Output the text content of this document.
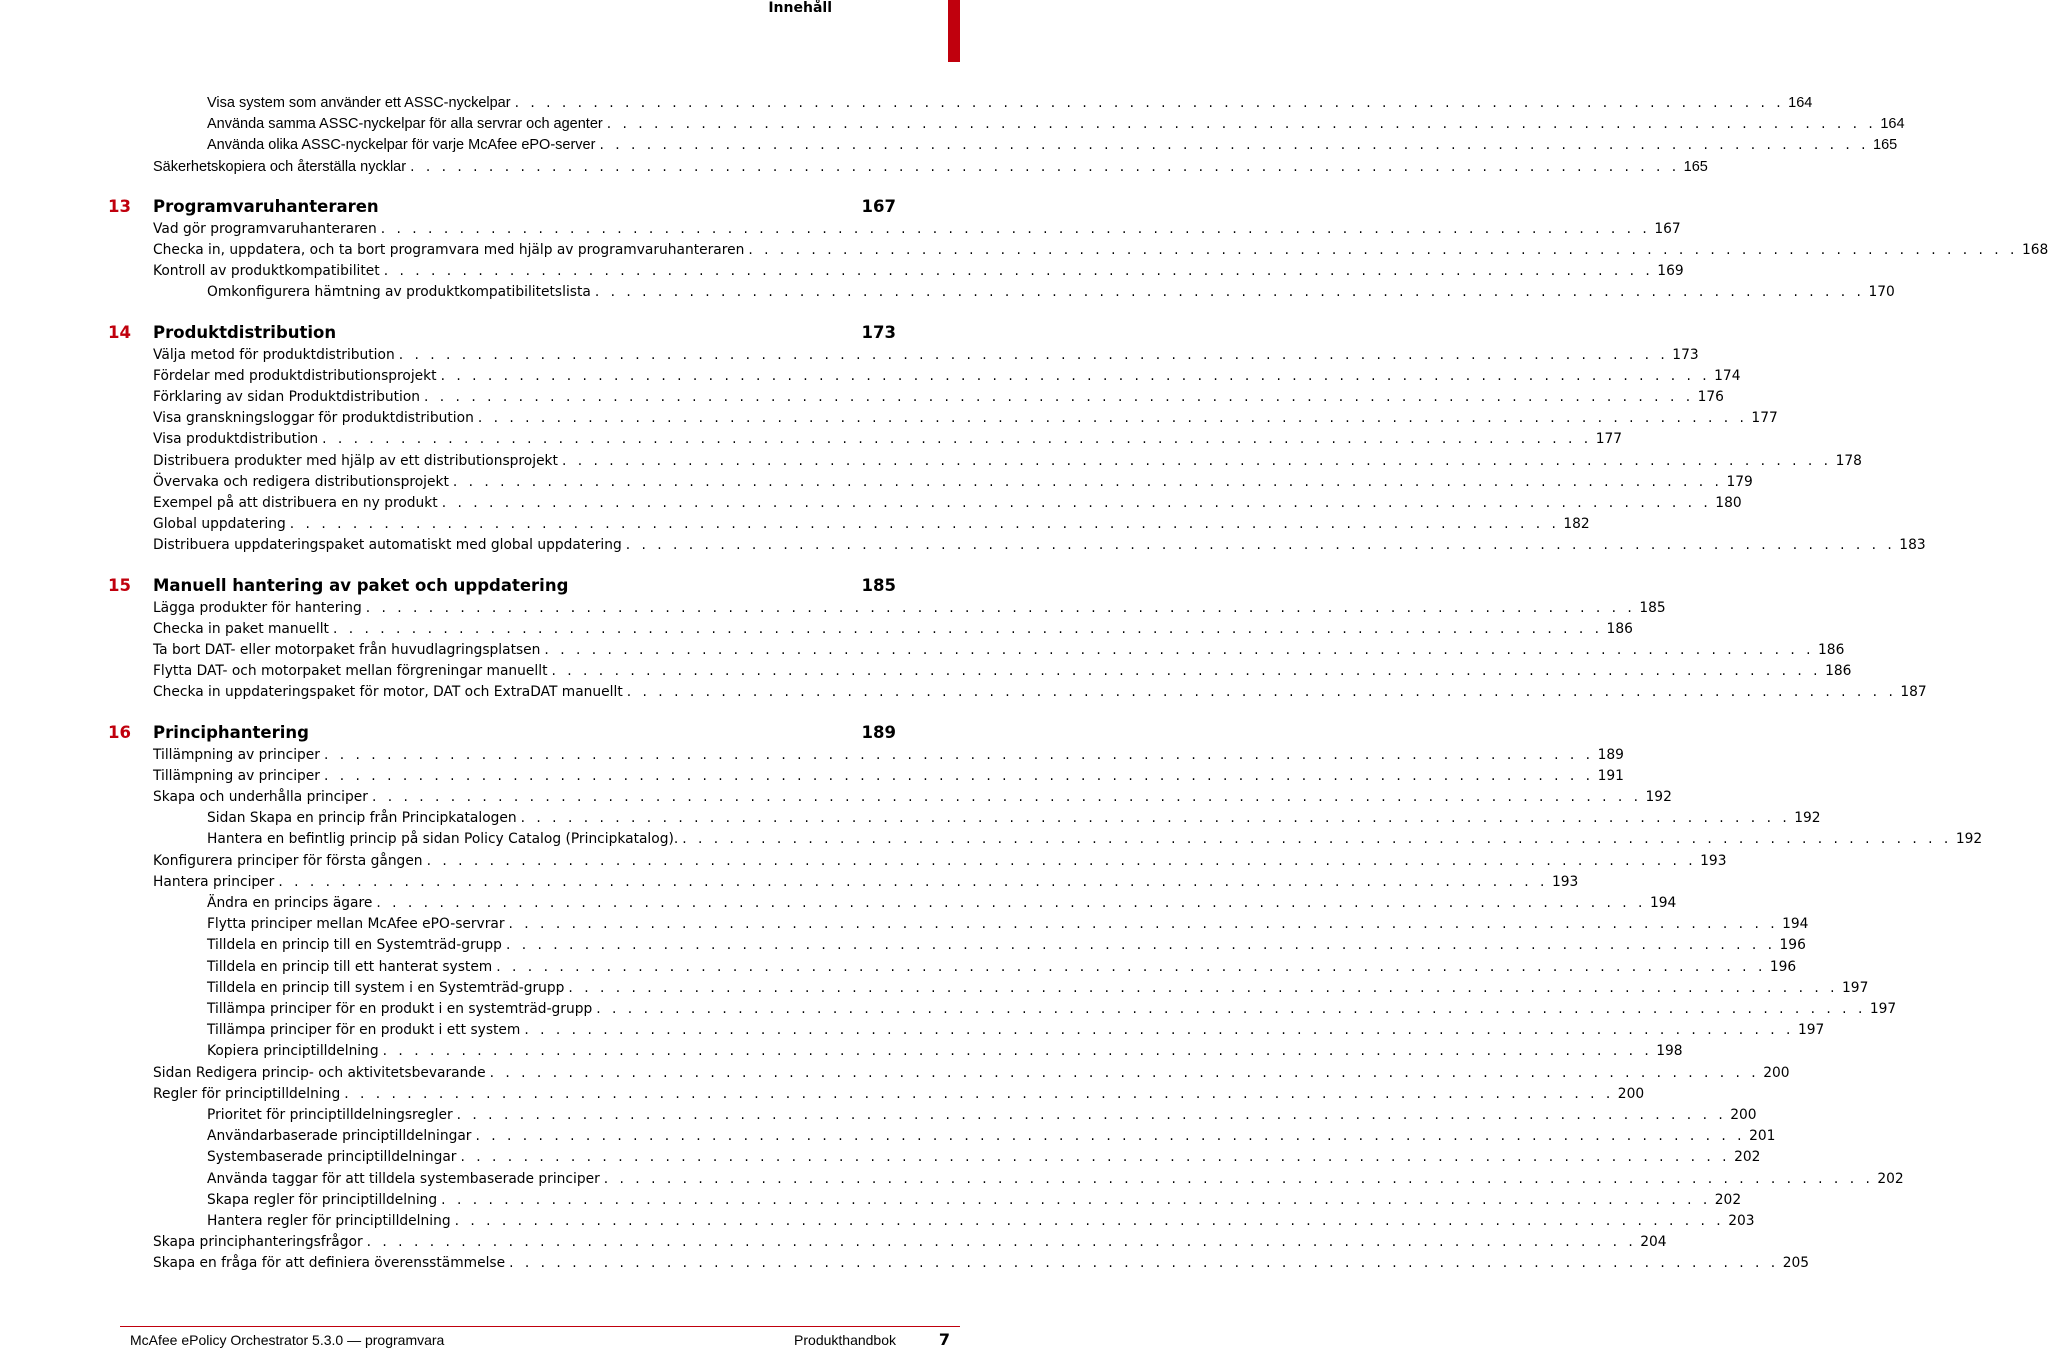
Innehåll
Visa system som använder ett ASSC-nyckelpar . . . . . . . . . . . . . . . . . . . . . . . . . . . . . . . . . . . . . . . . . . . . . . . . . . . . . . . . . . . . . . . . . . . . . . . . . . . . . . . . . 164
Använda samma ASSC-nyckelpar för alla servrar och agenter . . . . . . . . . . . . . . . . . . . . . . . . . . . . . . . . . . . . . . . . . . . . . . . . . . . . . . . . . . . . . . . . . . . . . . . . . . . . . . . . . 164
Använda olika ASSC-nyckelpar för varje McAfee ePO-server . . . . . . . . . . . . . . . . . . . . . . . . . . . . . . . . . . . . . . . . . . . . . . . . . . . . . . . . . . . . . . . . . . . . . . . . . . . . . . . . . 165
Säkerhetskopiera och återställa nycklar . . . . . . . . . . . . . . . . . . . . . . . . . . . . . . . . . . . . . . . . . . . . . . . . . . . . . . . . . . . . . . . . . . . . . . . . . . . . . . . . . 165
13 Programvaruhanteraren	167
Vad gör programvaruhanteraren . . . . . . . . . . . . . . . . . . . . . . . . . . . . . . . . . . . . . . . . . . . . . . . . . . . . . . . . . . . . . . . . . . . . . . . . . . . . . . . . . 167
Checka in, uppdatera, och ta bort programvara med hjälp av programvaruhanteraren . . . . . . . . . . . . . . . . . . . . . . . . . . . . . . . . . . . . . . . . . . . . . . . . . . . . . . . . . . . . . . . . . . . . . . . . . . . . . . . . . 168
Kontroll av produktkompatibilitet . . . . . . . . . . . . . . . . . . . . . . . . . . . . . . . . . . . . . . . . . . . . . . . . . . . . . . . . . . . . . . . . . . . . . . . . . . . . . . . . . 169
Omkonfigurera hämtning av produktkompatibilitetslista . . . . . . . . . . . . . . . . . . . . . . . . . . . . . . . . . . . . . . . . . . . . . . . . . . . . . . . . . . . . . . . . . . . . . . . . . . . . . . . . . 170
14 Produktdistribution	173
Välja metod för produktdistribution . . . . . . . . . . . . . . . . . . . . . . . . . . . . . . . . . . . . . . . . . . . . . . . . . . . . . . . . . . . . . . . . . . . . . . . . . . . . . . . . . 173
Fördelar med produktdistributionsprojekt . . . . . . . . . . . . . . . . . . . . . . . . . . . . . . . . . . . . . . . . . . . . . . . . . . . . . . . . . . . . . . . . . . . . . . . . . . . . . . . . . 174
Förklaring av sidan Produktdistribution . . . . . . . . . . . . . . . . . . . . . . . . . . . . . . . . . . . . . . . . . . . . . . . . . . . . . . . . . . . . . . . . . . . . . . . . . . . . . . . . . 176
Visa granskningsloggar för produktdistribution . . . . . . . . . . . . . . . . . . . . . . . . . . . . . . . . . . . . . . . . . . . . . . . . . . . . . . . . . . . . . . . . . . . . . . . . . . . . . . . . . 177
Visa produktdistribution . . . . . . . . . . . . . . . . . . . . . . . . . . . . . . . . . . . . . . . . . . . . . . . . . . . . . . . . . . . . . . . . . . . . . . . . . . . . . . . . . 177
Distribuera produkter med hjälp av ett distributionsprojekt . . . . . . . . . . . . . . . . . . . . . . . . . . . . . . . . . . . . . . . . . . . . . . . . . . . . . . . . . . . . . . . . . . . . . . . . . . . . . . . . . 178
Övervaka och redigera distributionsprojekt . . . . . . . . . . . . . . . . . . . . . . . . . . . . . . . . . . . . . . . . . . . . . . . . . . . . . . . . . . . . . . . . . . . . . . . . . . . . . . . . . 179
Exempel på att distribuera en ny produkt . . . . . . . . . . . . . . . . . . . . . . . . . . . . . . . . . . . . . . . . . . . . . . . . . . . . . . . . . . . . . . . . . . . . . . . . . . . . . . . . . 180
Global uppdatering . . . . . . . . . . . . . . . . . . . . . . . . . . . . . . . . . . . . . . . . . . . . . . . . . . . . . . . . . . . . . . . . . . . . . . . . . . . . . . . . . 182
Distribuera uppdateringspaket automatiskt med global uppdatering . . . . . . . . . . . . . . . . . . . . . . . . . . . . . . . . . . . . . . . . . . . . . . . . . . . . . . . . . . . . . . . . . . . . . . . . . . . . . . . . . 183
15 Manuell hantering av paket och uppdatering	185
Lägga produkter för hantering . . . . . . . . . . . . . . . . . . . . . . . . . . . . . . . . . . . . . . . . . . . . . . . . . . . . . . . . . . . . . . . . . . . . . . . . . . . . . . . . . 185
Checka in paket manuellt . . . . . . . . . . . . . . . . . . . . . . . . . . . . . . . . . . . . . . . . . . . . . . . . . . . . . . . . . . . . . . . . . . . . . . . . . . . . . . . . . 186
Ta bort DAT- eller motorpaket från huvudlagringsplatsen . . . . . . . . . . . . . . . . . . . . . . . . . . . . . . . . . . . . . . . . . . . . . . . . . . . . . . . . . . . . . . . . . . . . . . . . . . . . . . . . . 186
Flytta DAT- och motorpaket mellan förgreningar manuellt . . . . . . . . . . . . . . . . . . . . . . . . . . . . . . . . . . . . . . . . . . . . . . . . . . . . . . . . . . . . . . . . . . . . . . . . . . . . . . . . . 186
Checka in uppdateringspaket för motor, DAT och ExtraDAT manuellt . . . . . . . . . . . . . . . . . . . . . . . . . . . . . . . . . . . . . . . . . . . . . . . . . . . . . . . . . . . . . . . . . . . . . . . . . . . . . . . . . 187
16 Principhantering	189
Tillämpning av principer . . . . . . . . . . . . . . . . . . . . . . . . . . . . . . . . . . . . . . . . . . . . . . . . . . . . . . . . . . . . . . . . . . . . . . . . . . . . . . . . . 189
Tillämpning av principer . . . . . . . . . . . . . . . . . . . . . . . . . . . . . . . . . . . . . . . . . . . . . . . . . . . . . . . . . . . . . . . . . . . . . . . . . . . . . . . . . 191
Skapa och underhålla principer . . . . . . . . . . . . . . . . . . . . . . . . . . . . . . . . . . . . . . . . . . . . . . . . . . . . . . . . . . . . . . . . . . . . . . . . . . . . . . . . . 192
Sidan Skapa en princip från Principkatalogen . . . . . . . . . . . . . . . . . . . . . . . . . . . . . . . . . . . . . . . . . . . . . . . . . . . . . . . . . . . . . . . . . . . . . . . . . . . . . . . . . 192
Hantera en befintlig princip på sidan Policy Catalog (Principkatalog). . . . . . . . . . . . . . . . . . . . . . . . . . . . . . . . . . . . . . . . . . . . . . . . . . . . . . . . . . . . . . . . . . . . . . . . . . . . . . . . . . 192
Konfigurera principer för första gången . . . . . . . . . . . . . . . . . . . . . . . . . . . . . . . . . . . . . . . . . . . . . . . . . . . . . . . . . . . . . . . . . . . . . . . . . . . . . . . . . 193
Hantera principer . . . . . . . . . . . . . . . . . . . . . . . . . . . . . . . . . . . . . . . . . . . . . . . . . . . . . . . . . . . . . . . . . . . . . . . . . . . . . . . . . 193
Ändra en princips ägare . . . . . . . . . . . . . . . . . . . . . . . . . . . . . . . . . . . . . . . . . . . . . . . . . . . . . . . . . . . . . . . . . . . . . . . . . . . . . . . . . 194
Flytta principer mellan McAfee ePO-servrar . . . . . . . . . . . . . . . . . . . . . . . . . . . . . . . . . . . . . . . . . . . . . . . . . . . . . . . . . . . . . . . . . . . . . . . . . . . . . . . . . 194
Tilldela en princip till en Systemträd-grupp . . . . . . . . . . . . . . . . . . . . . . . . . . . . . . . . . . . . . . . . . . . . . . . . . . . . . . . . . . . . . . . . . . . . . . . . . . . . . . . . . 196
Tilldela en princip till ett hanterat system . . . . . . . . . . . . . . . . . . . . . . . . . . . . . . . . . . . . . . . . . . . . . . . . . . . . . . . . . . . . . . . . . . . . . . . . . . . . . . . . . 196
Tilldela en princip till system i en Systemträd-grupp . . . . . . . . . . . . . . . . . . . . . . . . . . . . . . . . . . . . . . . . . . . . . . . . . . . . . . . . . . . . . . . . . . . . . . . . . . . . . . . . . 197
Tillämpa principer för en produkt i en systemträd-grupp . . . . . . . . . . . . . . . . . . . . . . . . . . . . . . . . . . . . . . . . . . . . . . . . . . . . . . . . . . . . . . . . . . . . . . . . . . . . . . . . . 197
Tillämpa principer för en produkt i ett system . . . . . . . . . . . . . . . . . . . . . . . . . . . . . . . . . . . . . . . . . . . . . . . . . . . . . . . . . . . . . . . . . . . . . . . . . . . . . . . . . 197
Kopiera principtilldelning . . . . . . . . . . . . . . . . . . . . . . . . . . . . . . . . . . . . . . . . . . . . . . . . . . . . . . . . . . . . . . . . . . . . . . . . . . . . . . . . . 198
Sidan Redigera princip- och aktivitetsbevarande . . . . . . . . . . . . . . . . . . . . . . . . . . . . . . . . . . . . . . . . . . . . . . . . . . . . . . . . . . . . . . . . . . . . . . . . . . . . . . . . . 200
Regler för principtilldelning . . . . . . . . . . . . . . . . . . . . . . . . . . . . . . . . . . . . . . . . . . . . . . . . . . . . . . . . . . . . . . . . . . . . . . . . . . . . . . . . . 200
Prioritet för principtilldelningsregler . . . . . . . . . . . . . . . . . . . . . . . . . . . . . . . . . . . . . . . . . . . . . . . . . . . . . . . . . . . . . . . . . . . . . . . . . . . . . . . . . 200
Användarbaserade principtilldelningar . . . . . . . . . . . . . . . . . . . . . . . . . . . . . . . . . . . . . . . . . . . . . . . . . . . . . . . . . . . . . . . . . . . . . . . . . . . . . . . . . 201
Systembaserade principtilldelningar . . . . . . . . . . . . . . . . . . . . . . . . . . . . . . . . . . . . . . . . . . . . . . . . . . . . . . . . . . . . . . . . . . . . . . . . . . . . . . . . . 202
Använda taggar för att tilldela systembaserade principer . . . . . . . . . . . . . . . . . . . . . . . . . . . . . . . . . . . . . . . . . . . . . . . . . . . . . . . . . . . . . . . . . . . . . . . . . . . . . . . . . 202
Skapa regler för principtilldelning . . . . . . . . . . . . . . . . . . . . . . . . . . . . . . . . . . . . . . . . . . . . . . . . . . . . . . . . . . . . . . . . . . . . . . . . . . . . . . . . . 202
Hantera regler för principtilldelning . . . . . . . . . . . . . . . . . . . . . . . . . . . . . . . . . . . . . . . . . . . . . . . . . . . . . . . . . . . . . . . . . . . . . . . . . . . . . . . . . 203
Skapa principhanteringsfrågor . . . . . . . . . . . . . . . . . . . . . . . . . . . . . . . . . . . . . . . . . . . . . . . . . . . . . . . . . . . . . . . . . . . . . . . . . . . . . . . . . 204
Skapa en fråga för att definiera överensstämmelse . . . . . . . . . . . . . . . . . . . . . . . . . . . . . . . . . . . . . . . . . . . . . . . . . . . . . . . . . . . . . . . . . . . . . . . . . . . . . . . . . 205
McAfee ePolicy Orchestrator 5.3.0 — programvara	Produkthandbok	7
